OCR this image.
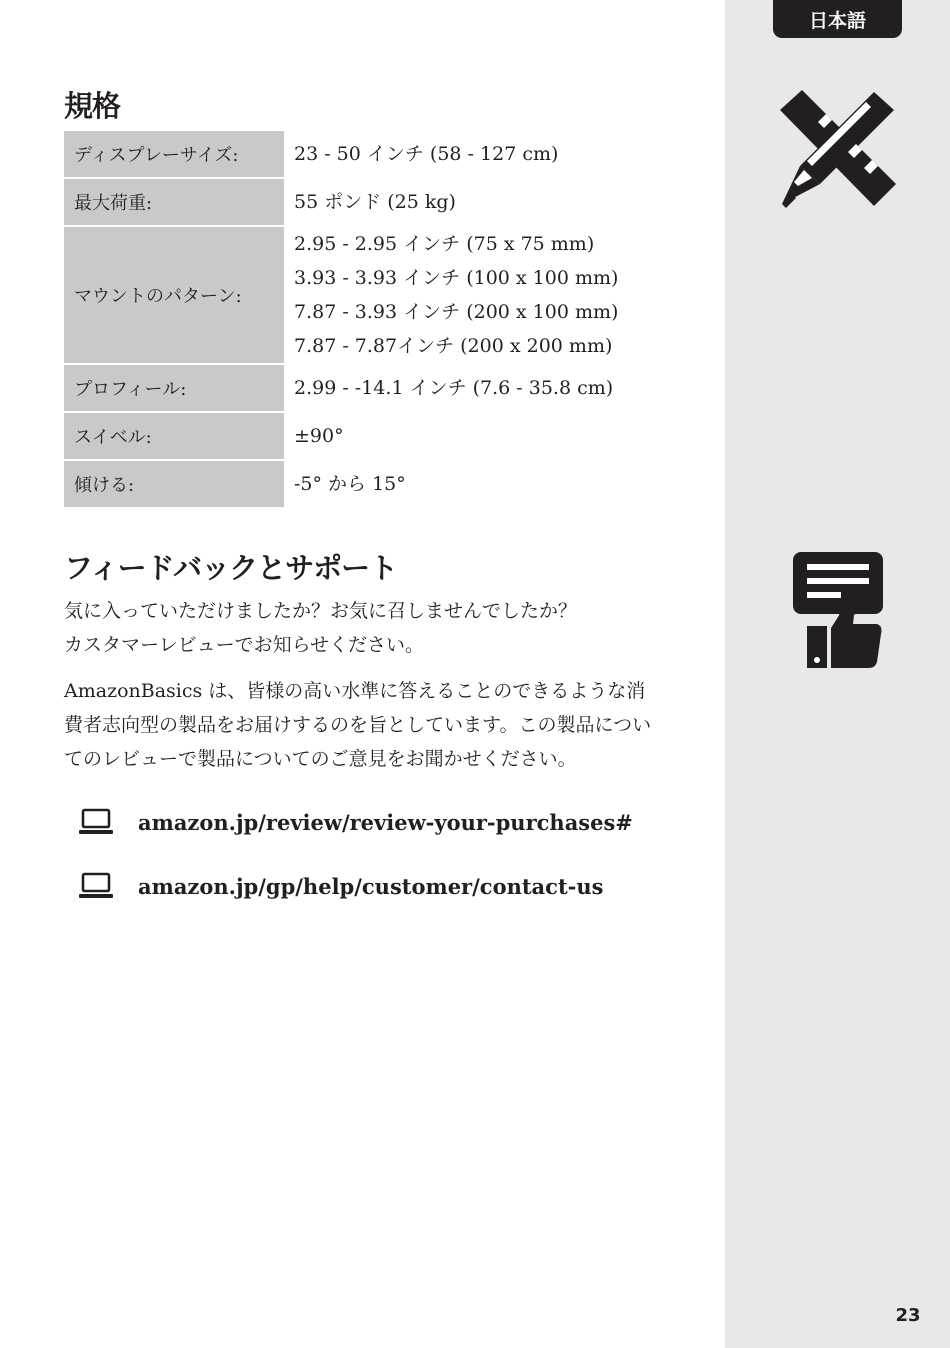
日本語
23
規格
ディスプレーサイズ:	23 - 50 インチ (58 - 127 cm)

最大荷重:	55 ポンド (25 kg)

マウントのパターン:	2.95 - 2.95 インチ (75 x 75 mm)
3.93 - 3.93 インチ (100 x 100 mm)
7.87 - 3.93 インチ (200 x 100 mm)
7.87 - 7.87インチ (200 x 200 mm)

プロフィール:	2.99 - -14.1 インチ (7.6 - 35.8 cm)

スイベル:	±90°

傾ける:	-5° から 15°
フィードバックとサポート

気に入っていただけましたか？お気に召しませんでしたか？
カスタマーレビューでお知らせください。

AmazonBasics は、皆様の高い水準に答えることのできるような消
費者志向型の製品をお届けするのを旨としています。この製品につい
てのレビューで製品についてのご意見をお聞かせください。

amazon.jp/review/review-your-purchases#
amazon.jp/gp/help/customer/contact-us
